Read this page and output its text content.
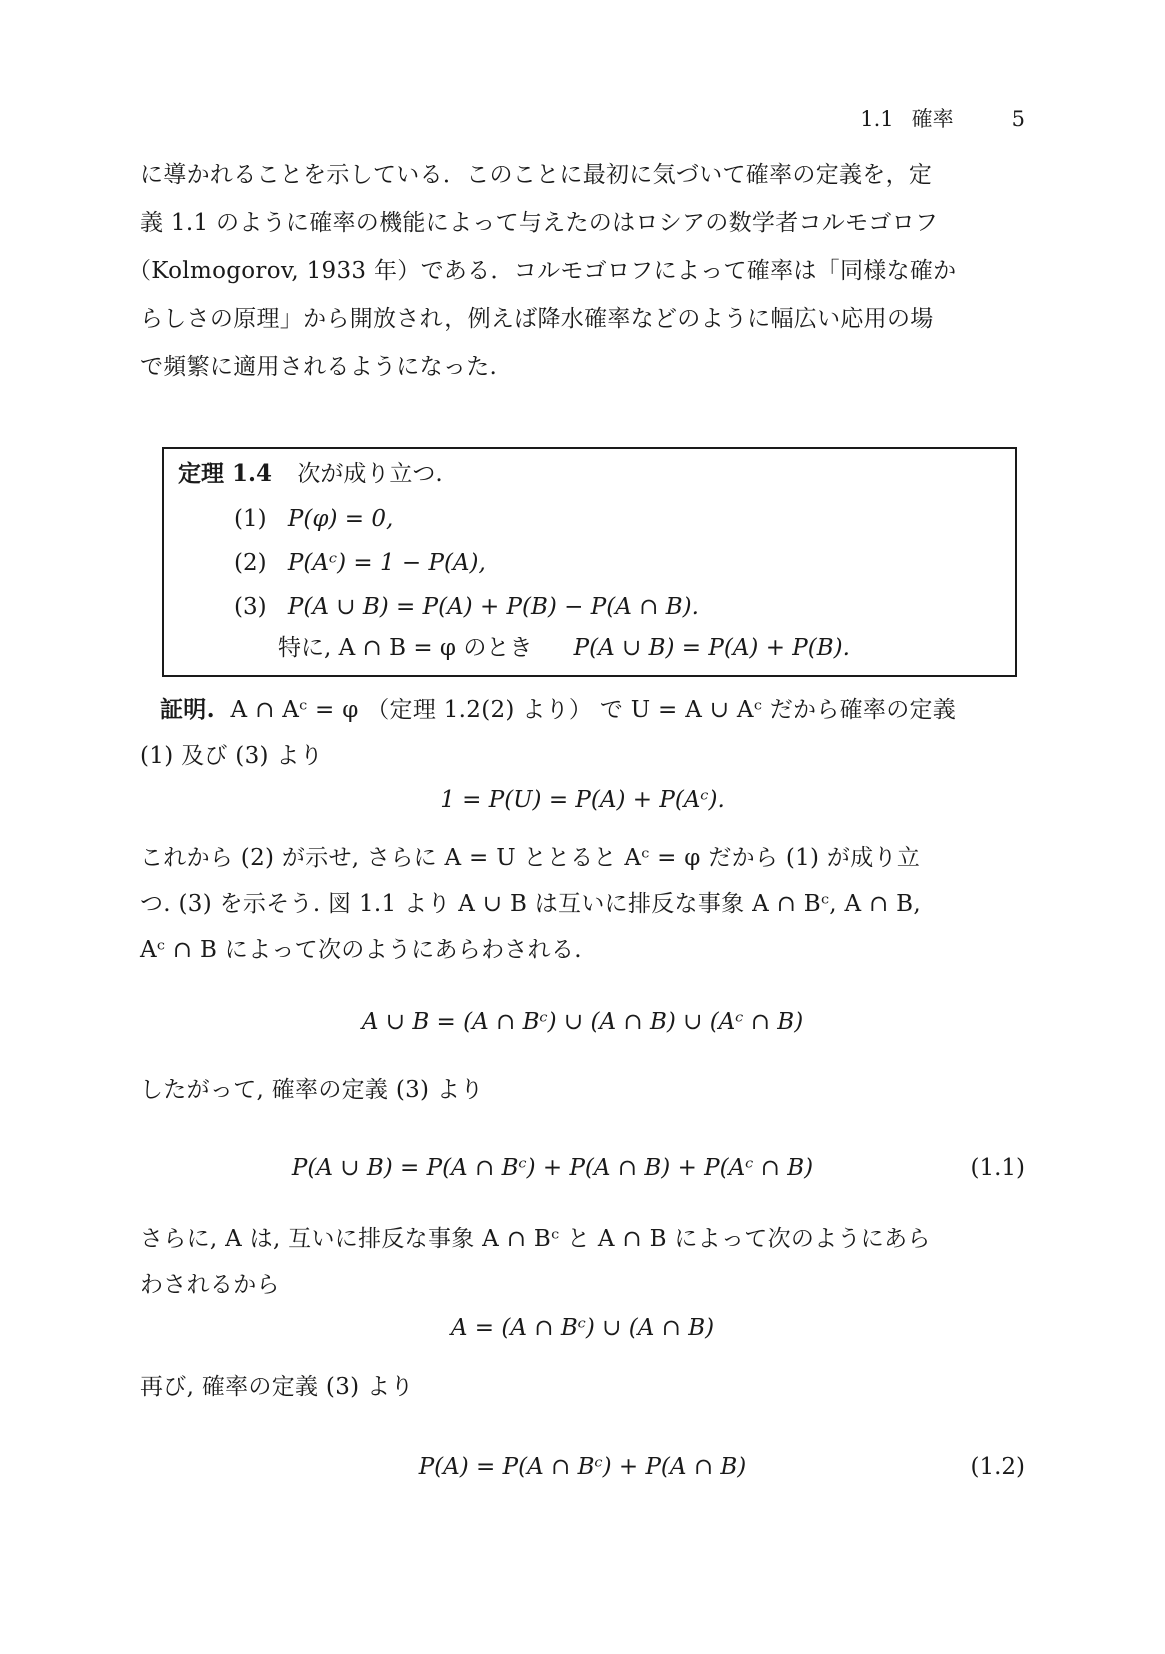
1.1 確率	5
に導かれることを示している．このことに最初に気づいて確率の定義を，定
義 1.1 のように確率の機能によって与えたのはロシアの数学者コルモゴロフ
（Kolmogorov, 1933 年）である．コルモゴロフによって確率は「同様な確か
らしさの原理」から開放され，例えば降水確率などのように幅広い応用の場
で頻繁に適用されるようになった.
定理 1.4 次が成り立つ.
(1) P(φ) = 0,
(2) P(Aᶜ) = 1 − P(A),
(3) P(A ∪ B) = P(A) + P(B) − P(A ∩ B).
特に, A ∩ B = φ のとき P(A ∪ B) = P(A) + P(B).
証明. A ∩ Aᶜ = φ （定理 1.2(2) より） で U = A ∪ Aᶜ だから確率の定義
(1) 及び (3) より
1 = P(U) = P(A) + P(Aᶜ).
これから (2) が示せ, さらに A = U ととると Aᶜ = φ だから (1) が成り立
つ. (3) を示そう. 図 1.1 より A ∪ B は互いに排反な事象 A ∩ Bᶜ, A ∩ B,
Aᶜ ∩ B によって次のようにあらわされる.
A ∪ B = (A ∩ Bᶜ) ∪ (A ∩ B) ∪ (Aᶜ ∩ B)
したがって, 確率の定義 (3) より
P(A ∪ B) = P(A ∩ Bᶜ) + P(A ∩ B) + P(Aᶜ ∩ B)	(1.1)
さらに, A は, 互いに排反な事象 A ∩ Bᶜ と A ∩ B によって次のようにあら
わされるから
A = (A ∩ Bᶜ) ∪ (A ∩ B)
再び, 確率の定義 (3) より
P(A) = P(A ∩ Bᶜ) + P(A ∩ B)	(1.2)
